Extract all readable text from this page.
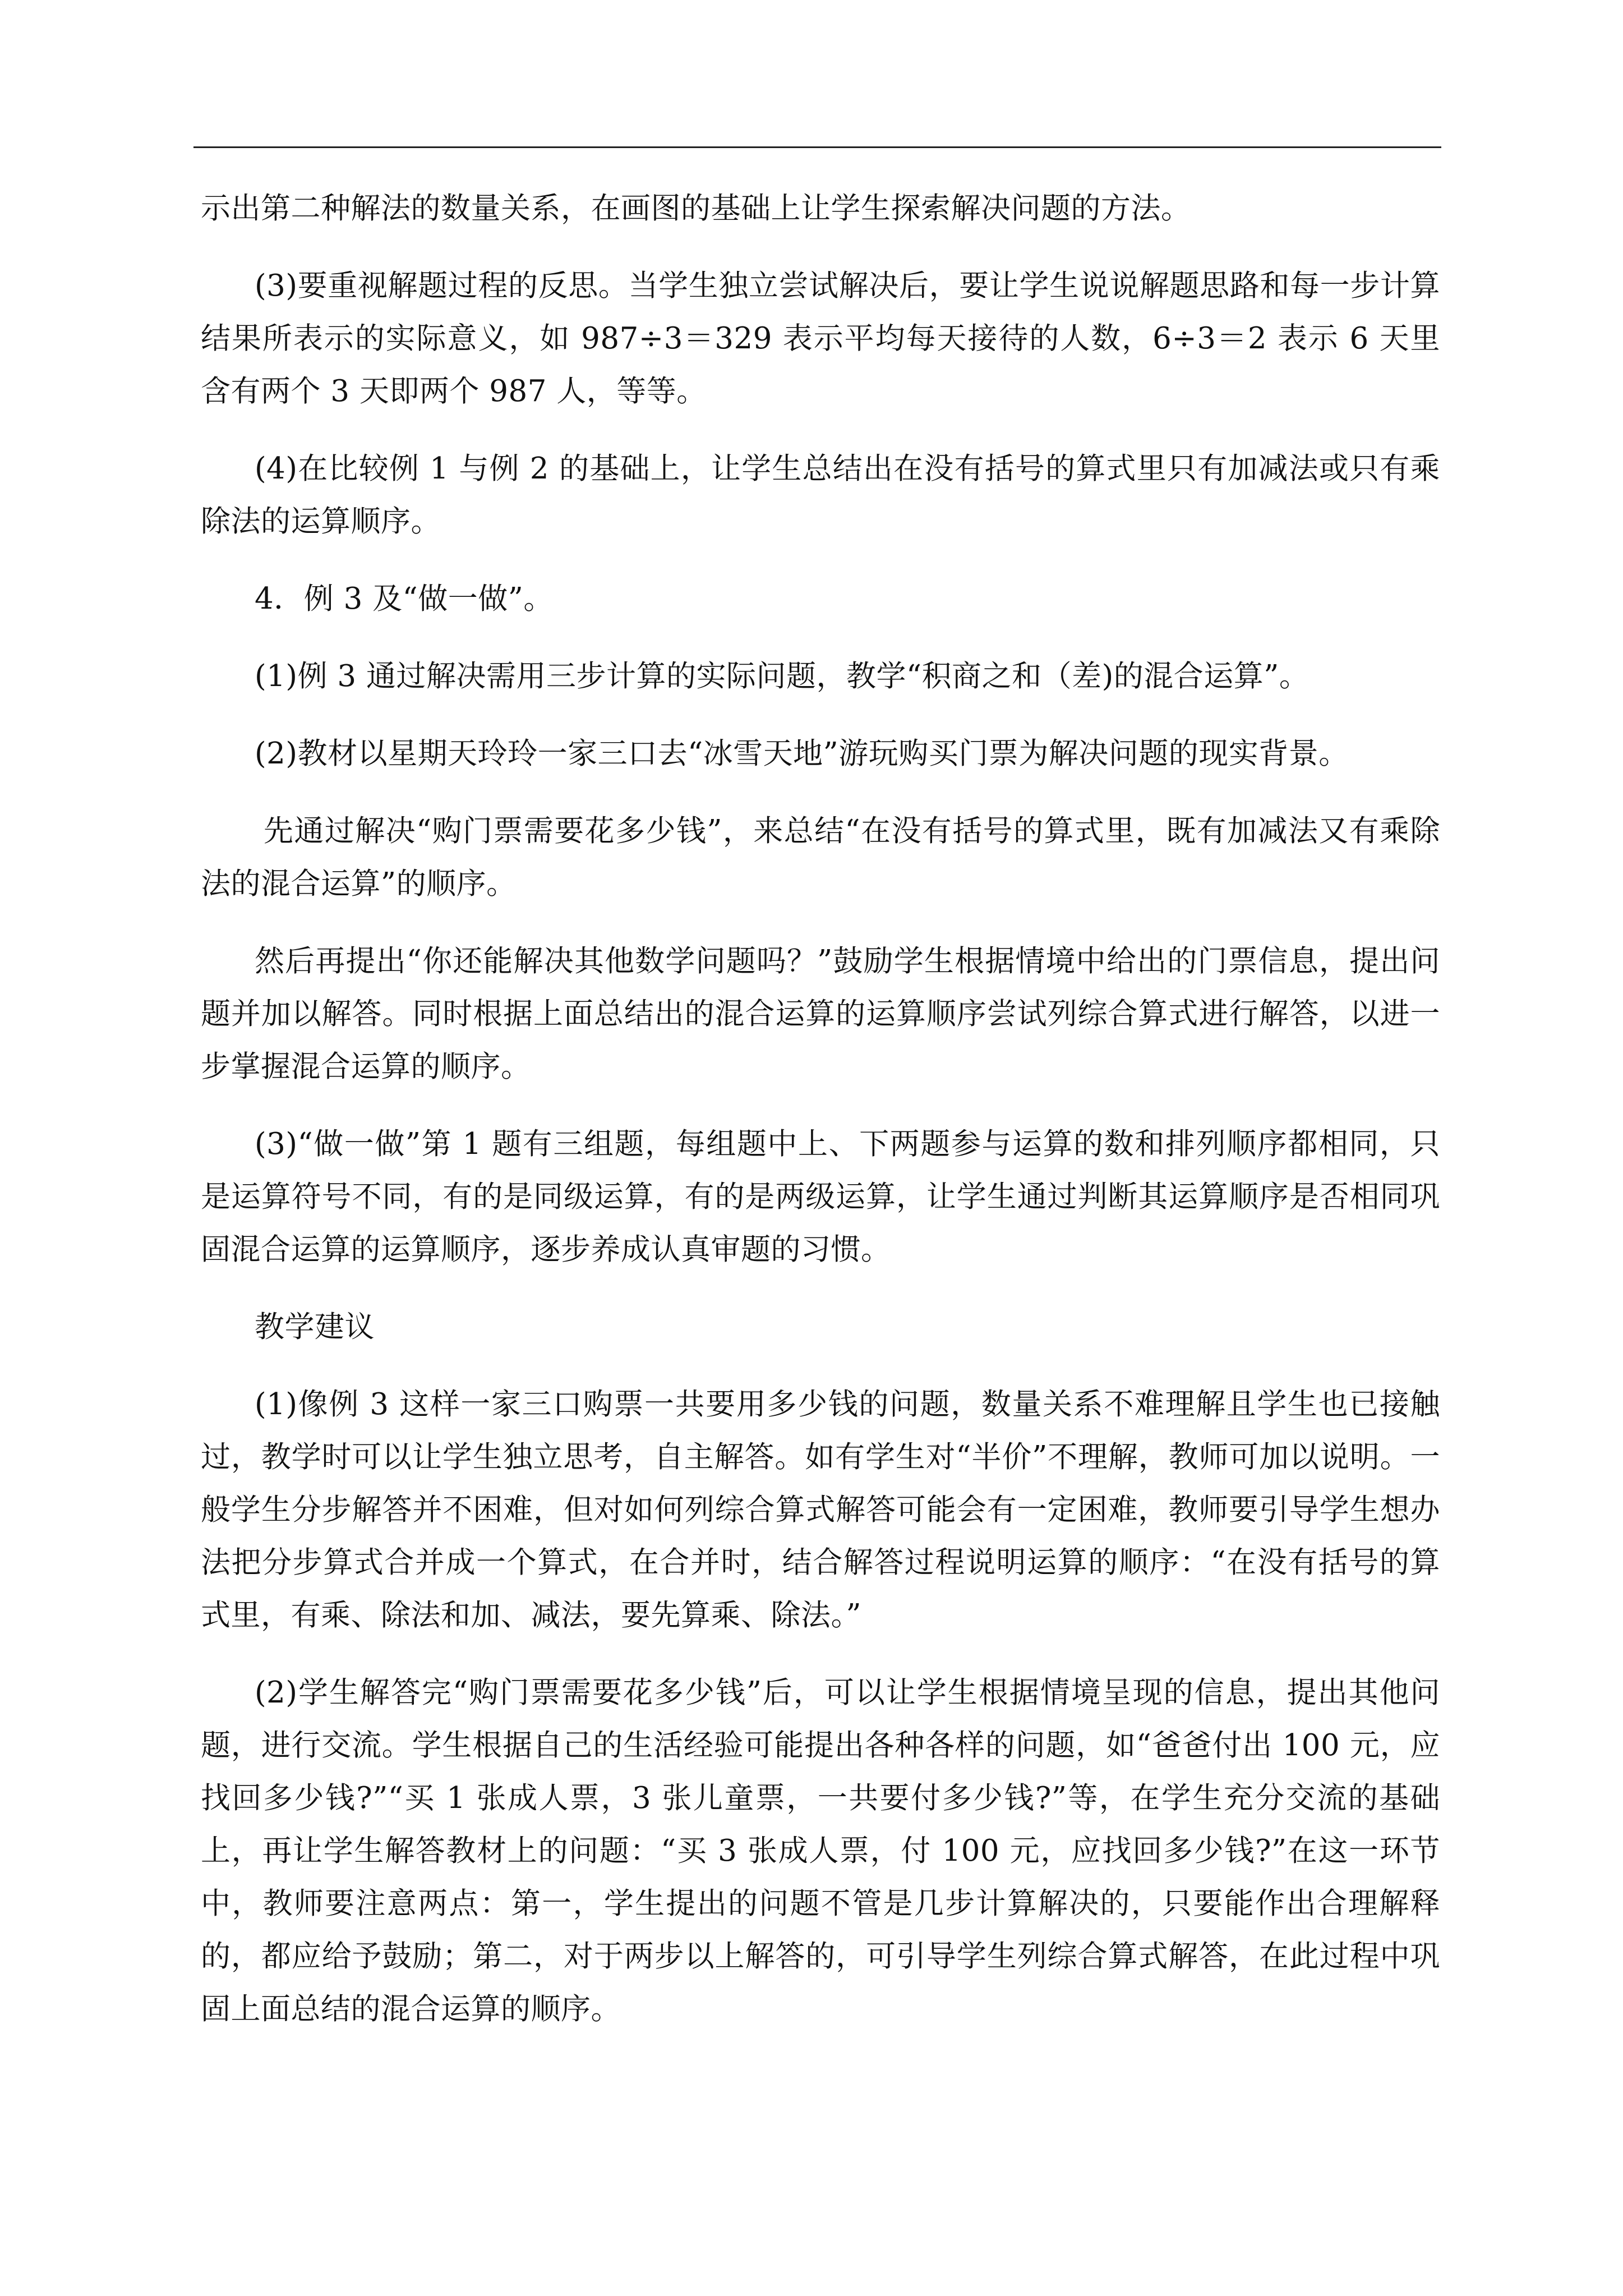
示出第二种解法的数量关系，在画图的基础上让学生探索解决问题的方法。

(3)要重视解题过程的反思。当学生独立尝试解决后，要让学生说说解题思路和每一步计算结果所表示的实际意义，如 987÷3＝329 表示平均每天接待的人数，6÷3＝2 表示 6 天里含有两个 3 天即两个 987 人，等等。

(4)在比较例 1 与例 2 的基础上，让学生总结出在没有括号的算式里只有加减法或只有乘除法的运算顺序。

4．例 3 及“做一做”。

(1)例 3 通过解决需用三步计算的实际问题，教学“积商之和（差)的混合运算”。

(2)教材以星期天玲玲一家三口去“冰雪天地”游玩购买门票为解决问题的现实背景。

先通过解决“购门票需要花多少钱”，来总结“在没有括号的算式里，既有加减法又有乘除法的混合运算”的顺序。

然后再提出“你还能解决其他数学问题吗？”鼓励学生根据情境中给出的门票信息，提出问题并加以解答。同时根据上面总结出的混合运算的运算顺序尝试列综合算式进行解答，以进一步掌握混合运算的顺序。

(3)“做一做”第 1 题有三组题，每组题中上、下两题参与运算的数和排列顺序都相同，只是运算符号不同，有的是同级运算，有的是两级运算，让学生通过判断其运算顺序是否相同巩固混合运算的运算顺序，逐步养成认真审题的习惯。

教学建议

(1)像例 3 这样一家三口购票一共要用多少钱的问题，数量关系不难理解且学生也已接触过，教学时可以让学生独立思考，自主解答。如有学生对“半价”不理解，教师可加以说明。一般学生分步解答并不困难，但对如何列综合算式解答可能会有一定困难，教师要引导学生想办法把分步算式合并成一个算式，在合并时，结合解答过程说明运算的顺序：“在没有括号的算式里，有乘、除法和加、减法，要先算乘、除法。”

(2)学生解答完“购门票需要花多少钱”后，可以让学生根据情境呈现的信息，提出其他问题，进行交流。学生根据自己的生活经验可能提出各种各样的问题，如“爸爸付出 100 元，应找回多少钱?”“买 1 张成人票，3 张儿童票，一共要付多少钱?”等，在学生充分交流的基础上，再让学生解答教材上的问题：“买 3 张成人票，付 100 元，应找回多少钱?”在这一环节中，教师要注意两点：第一，学生提出的问题不管是几步计算解决的，只要能作出合理解释的，都应给予鼓励；第二，对于两步以上解答的，可引导学生列综合算式解答，在此过程中巩固上面总结的混合运算的顺序。
